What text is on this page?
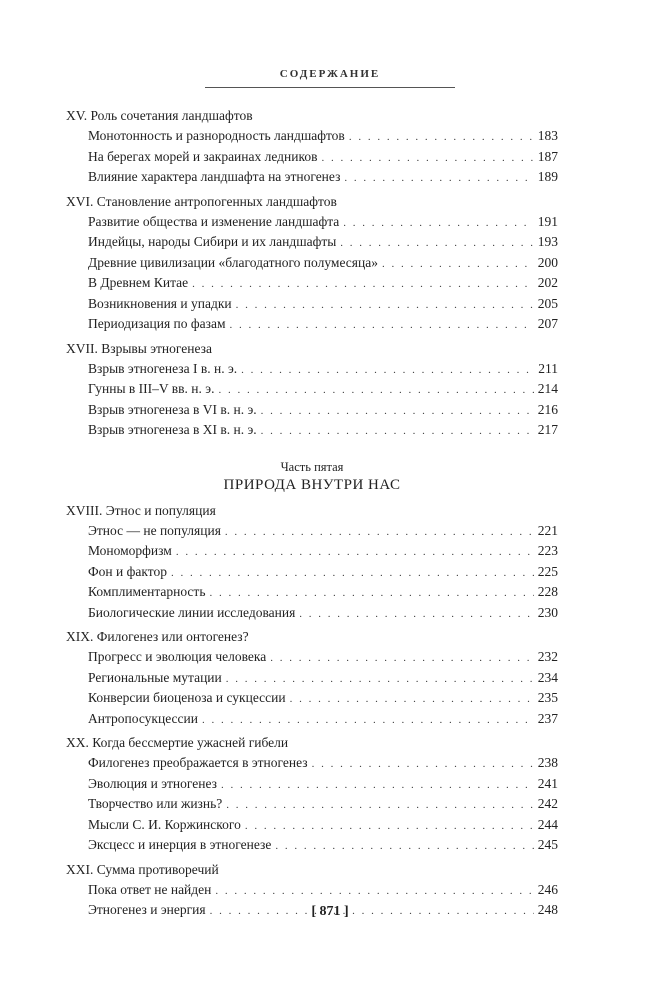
СОДЕРЖАНИЕ
XV. Роль сочетания ландшафтов
Монотонность и разнородность ландшафтов . . .	183
На берегах морей и закраинах ледников . . .	187
Влияние характера ландшафта на этногенез . . .	189
XVI. Становление антропогенных ландшафтов
Развитие общества и изменение ландшафта . . .	191
Индейцы, народы Сибири и их ландшафты . . .	193
Древние цивилизации «благодатного полумесяца» . . .	200
В Древнем Китае . . .	202
Возникновения и упадки . . .	205
Периодизация по фазам . . .	207
XVII. Взрывы этногенеза
Взрыв этногенеза I в. н. э. . . .	211
Гунны в III–V вв. н. э. . . .	214
Взрыв этногенеза в VI в. н. э. . . .	216
Взрыв этногенеза в XI в. н. э. . . .	217
Часть пятая
ПРИРОДА ВНУТРИ НАС
XVIII. Этнос и популяция
Этнос — не популяция . . .	221
Мономорфизм . . .	223
Фон и фактор . . .	225
Комплиментарность . . .	228
Биологические линии исследования . . .	230
XIX. Филогенез или онтогенез?
Прогресс и эволюция человека . . .	232
Региональные мутации . . .	234
Конверсии биоценоза и сукцессии . . .	235
Антропосукцессии . . .	237
XX. Когда бессмертие ужасней гибели
Филогенез преображается в этногенез . . .	238
Эволюция и этногенез . . .	241
Творчество или жизнь? . . .	242
Мысли С. И. Коржинского . . .	244
Эксцесс и инерция в этногенезе . . .	245
XXI. Сумма противоречий
Пока ответ не найден . . .	246
Этногенез и энергия . . .	248
[ 871 ]
